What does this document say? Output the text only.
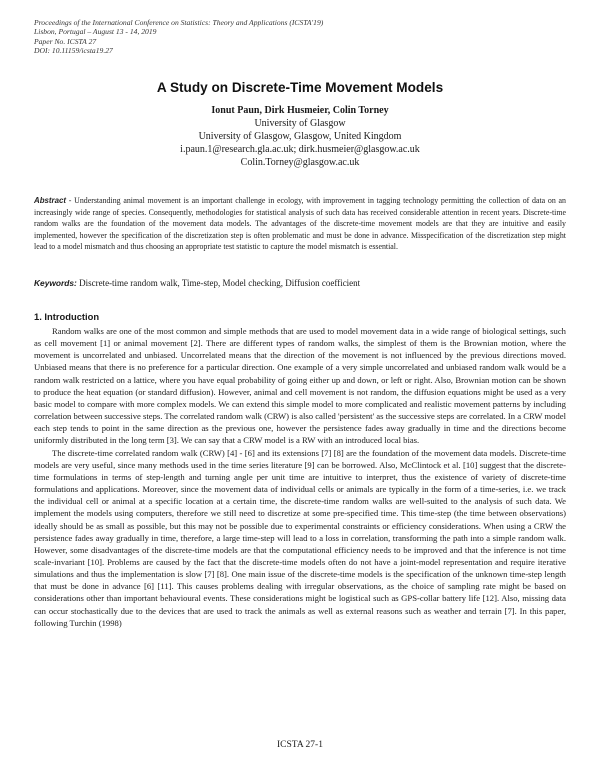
Proceedings of the International Conference on Statistics: Theory and Applications (ICSTA'19)
Lisbon, Portugal – August 13 - 14, 2019
Paper No. ICSTA 27
DOI: 10.11159/icsta19.27
A Study on Discrete-Time Movement Models
Ionut Paun, Dirk Husmeier, Colin Torney
University of Glasgow
University of Glasgow, Glasgow, United Kingdom
i.paun.1@research.gla.ac.uk; dirk.husmeier@glasgow.ac.uk
Colin.Torney@glasgow.ac.uk
Abstract - Understanding animal movement is an important challenge in ecology, with improvement in tagging technology permitting the collection of data on an increasingly wide range of species. Consequently, methodologies for statistical analysis of such data has received considerable attention in recent years. Discrete-time random walks are the foundation of the movement data models. The advantages of the discrete-time movement models are that they are intuitive and easily implemented, however the specification of the discretization step is often problematic and must be done in advance. Misspecification of the discretization step might lead to a model mismatch and thus choosing an appropriate test statistic to capture the model mismatch is essential.
Keywords: Discrete-time random walk, Time-step, Model checking, Diffusion coefficient
1. Introduction

Random walks are one of the most common and simple methods that are used to model movement data in a wide range of biological settings, such as cell movement [1] or animal movement [2]. There are different types of random walks, the simplest of them is the Brownian motion, where the movement is uncorrelated and unbiased. Uncorrelated means that the direction of the movement is not influenced by the previous directions moved. Unbiased means that there is no preference for a particular direction. One example of a very simple uncorrelated and unbiased random walk would be a random walk restricted on a lattice, where you have equal probability of going either up and down, or left or right. Also, Brownian motion can be shown to produce the heat equation (or standard diffusion). However, animal and cell movement is not random, the diffusion equations might be used as a very basic model to compare with more complex models. We can extend this simple model to more complicated and realistic movement patterns by including correlation between successive steps. The correlated random walk (CRW) is also called 'persistent' as the successive steps are correlated. In a CRW model each step tends to point in the same direction as the previous one, however the persistence fades away gradually in time and the directions become uniformly distributed in the long term [3]. We can say that a CRW model is a RW with an introduced local bias.

The discrete-time correlated random walk (CRW) [4] - [6] and its extensions [7] [8] are the foundation of the movement data models. Discrete-time models are very useful, since many methods used in the time series literature [9] can be borrowed. Also, McClintock et al. [10] suggest that the discrete-time formulations in terms of step-length and turning angle per unit time are intuitive to interpret, thus the existence of variety of discrete-time formulations and applications. Moreover, since the movement data of individual cells or animals are typically in the form of a time-series, i.e. we track the individual cell or animal at a specific location at a certain time, the discrete-time random walks are well-suited to the analysis of such data. We implement the models using computers, therefore we still need to discretize at some pre-specified time. This time-step (the time between observations) ideally should be as small as possible, but this may not be possible due to experimental constraints or efficiency considerations. When using a CRW the persistence fades away gradually in time, therefore, a large time-step will lead to a loss in correlation, transforming the path into a simple random walk. However, some disadvantages of the discrete-time models are that the computational efficiency needs to be improved and that the inference is not time scale-invariant [10]. Problems are caused by the fact that the discrete-time models often do not have a joint-model representation and require iterative simulations and thus the implementation is slow [7] [8]. One main issue of the discrete-time models is the specification of the unknown time-step length that must be done in advance [6] [11]. This causes problems dealing with irregular observations, as the choice of sampling rate might be based on considerations other than important behavioural events. These considerations might be logistical such as GPS-collar battery life [12]. Also, missing data can occur stochastically due to the devices that are used to track the animals as well as external reasons such as weather and terrain [7]. In this paper, following Turchin (1998)

ICSTA 27-1
